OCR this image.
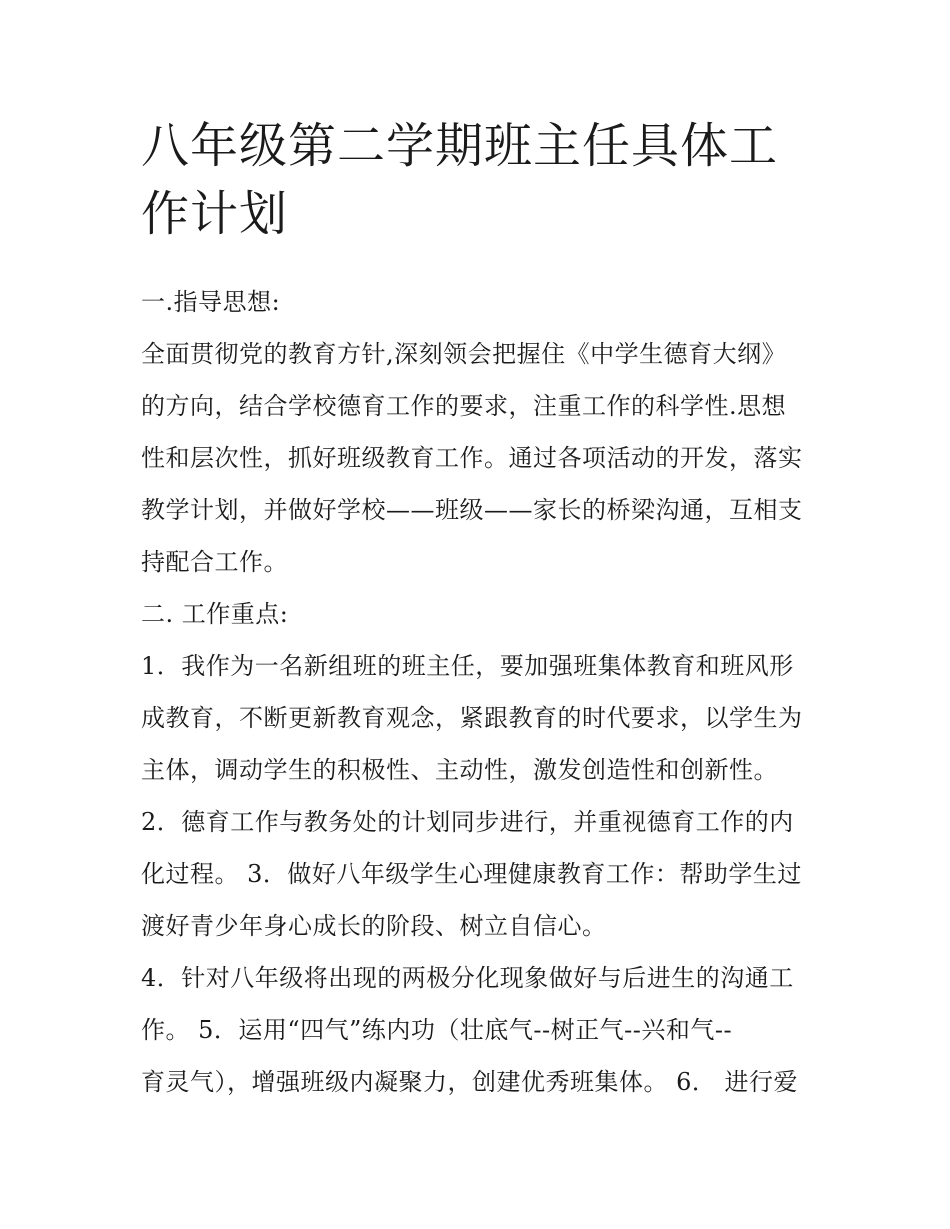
八年级第二学期班主任具体工
作计划

一.指导思想:

全面贯彻党的教育方针,深刻领会把握住《中学生德育大纲》

的方向，结合学校德育工作的要求，注重工作的科学性.思想

性和层次性，抓好班级教育工作。通过各项活动的开发，落实

教学计划，并做好学校——班级——家长的桥梁沟通，互相支

持配合工作。

二. 工作重点:

1．我作为一名新组班的班主任，要加强班集体教育和班风形

成教育，不断更新教育观念，紧跟教育的时代要求，以学生为

主体，调动学生的积极性、主动性，激发创造性和创新性。

2．德育工作与教务处的计划同步进行，并重视德育工作的内

化过程。 3．做好八年级学生心理健康教育工作：帮助学生过

渡好青少年身心成长的阶段、树立自信心。

4．针对八年级将出现的两极分化现象做好与后进生的沟通工

作。 5．运用“四气”练内功（壮底气--树正气--兴和气--

育灵气），增强班级内凝聚力，创建优秀班集体。 6． 进行爱
